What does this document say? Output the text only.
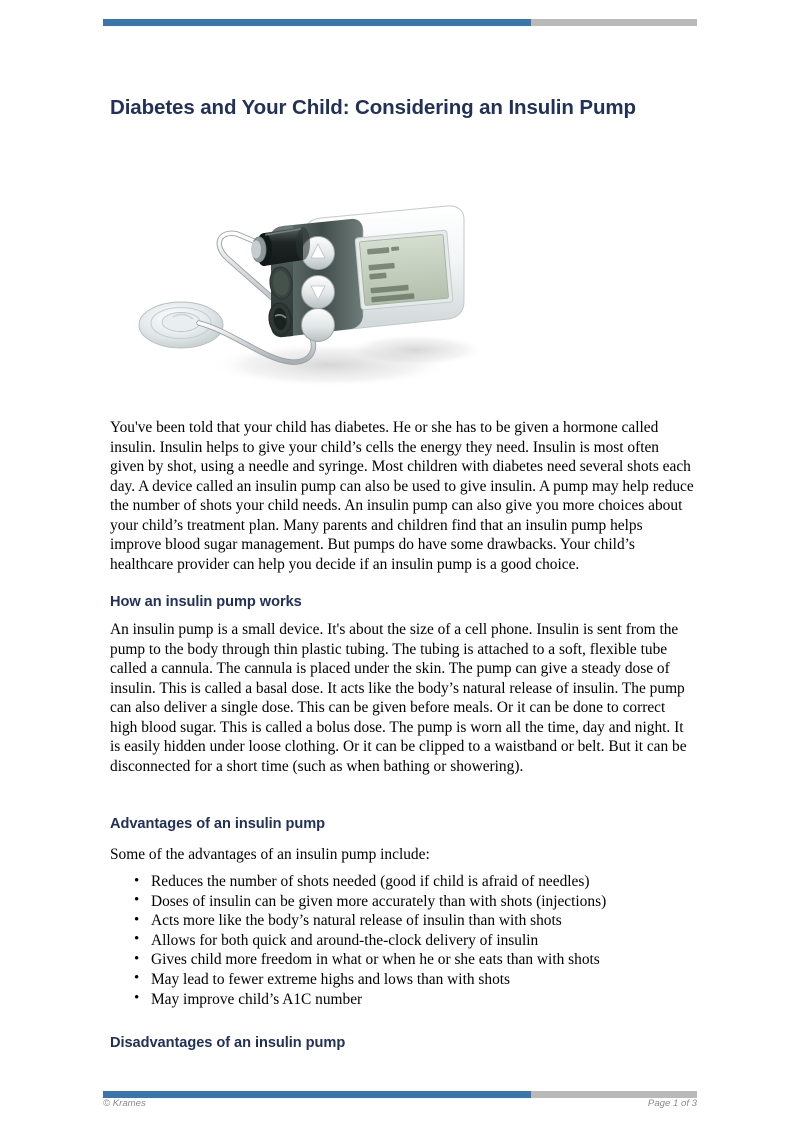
Diabetes and Your Child: Considering an Insulin Pump

You've been told that your child has diabetes. He or she has to be given a hormone called insulin. Insulin helps to give your child’s cells the energy they need. Insulin is most often given by shot, using a needle and syringe. Most children with diabetes need several shots each day. A device called an insulin pump can also be used to give insulin. A pump may help reduce the number of shots your child needs. An insulin pump can also give you more choices about your child’s treatment plan. Many parents and children find that an insulin pump helps improve blood sugar management. But pumps do have some drawbacks. Your child’s healthcare provider can help you decide if an insulin pump is a good choice.

How an insulin pump works

An insulin pump is a small device. It's about the size of a cell phone. Insulin is sent from the pump to the body through thin plastic tubing. The tubing is attached to a soft, flexible tube called a cannula. The cannula is placed under the skin. The pump can give a steady dose of insulin. This is called a basal dose. It acts like the body’s natural release of insulin. The pump can also deliver a single dose. This can be given before meals. Or it can be done to correct high blood sugar. This is called a bolus dose. The pump is worn all the time, day and night. It is easily hidden under loose clothing. Or it can be clipped to a waistband or belt. But it can be disconnected for a short time (such as when bathing or showering).

Advantages of an insulin pump

Some of the advantages of an insulin pump include:

• Reduces the number of shots needed (good if child is afraid of needles)
• Doses of insulin can be given more accurately than with shots (injections)
• Acts more like the body’s natural release of insulin than with shots
• Allows for both quick and around-the-clock delivery of insulin
• Gives child more freedom in what or when he or she eats than with shots
• May lead to fewer extreme highs and lows than with shots
• May improve child’s A1C number
Disadvantages of an insulin pump
© Krames	Page 1 of 3
